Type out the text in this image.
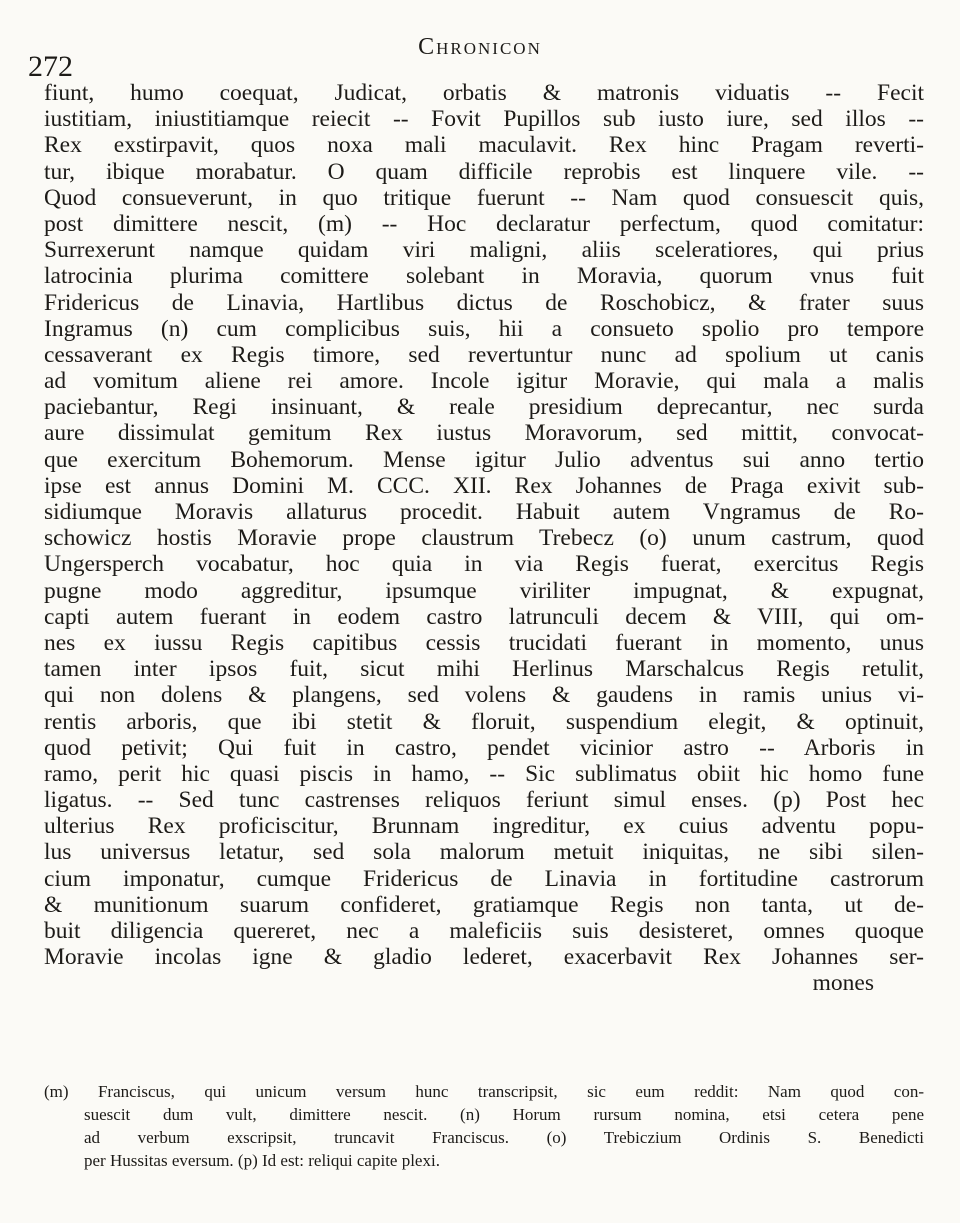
272
Chronicon
fiunt, humo coequat, Judicat, orbatis & matronis viduatis -- Fecit
iustitiam, iniustitiamque reiecit -- Fovit Pupillos sub iusto iure, sed illos --
Rex exstirpavit, quos noxa mali maculavit. Rex hinc Pragam reverti-
tur, ibique morabatur. O quam difficile reprobis est linquere vile. --
Quod consueverunt, in quo tritique fuerunt -- Nam quod consuescit quis,
post dimittere nescit, (m) -- Hoc declaratur perfectum, quod comitatur:
Surrexerunt namque quidam viri maligni, aliis sceleratiores, qui prius
latrocinia plurima comittere solebant in Moravia, quorum vnus fuit
Fridericus de Linavia, Hartlibus dictus de Roschobicz, & frater suus
Ingramus (n) cum complicibus suis, hii a consueto spolio pro tempore
cessaverant ex Regis timore, sed revertuntur nunc ad spolium ut canis
ad vomitum aliene rei amore. Incole igitur Moravie, qui mala a malis
paciebantur, Regi insinuant, & reale presidium deprecantur, nec surda
aure dissimulat gemitum Rex iustus Moravorum, sed mittit, convocat-
que exercitum Bohemorum. Mense igitur Julio adventus sui anno tertio
ipse est annus Domini M. CCC. XII. Rex Johannes de Praga exivit sub-
sidiumque Moravis allaturus procedit. Habuit autem Vngramus de Ro-
schowicz hostis Moravie prope claustrum Trebecz (o) unum castrum, quod
Ungersperch vocabatur, hoc quia in via Regis fuerat, exercitus Regis
pugne modo aggreditur, ipsumque viriliter impugnat, & expugnat,
capti autem fuerant in eodem castro latrunculi decem & VIII, qui om-
nes ex iussu Regis capitibus cessis trucidati fuerant in momento, unus
tamen inter ipsos fuit, sicut mihi Herlinus Marschalcus Regis retulit,
qui non dolens & plangens, sed volens & gaudens in ramis unius vi-
rentis arboris, que ibi stetit & floruit, suspendium elegit, & optinuit,
quod petivit; Qui fuit in castro, pendet vicinior astro -- Arboris in
ramo, perit hic quasi piscis in hamo, -- Sic sublimatus obiit hic homo fune
ligatus. -- Sed tunc castrenses reliquos feriunt simul enses. (p) Post hec
ulterius Rex proficiscitur, Brunnam ingreditur, ex cuius adventu popu-
lus universus letatur, sed sola malorum metuit iniquitas, ne sibi silen-
cium imponatur, cumque Fridericus de Linavia in fortitudine castrorum
& munitionum suarum confideret, gratiamque Regis non tanta, ut de-
buit diligencia quereret, nec a maleficiis suis desisteret, omnes quoque
Moravie incolas igne & gladio lederet, exacerbavit Rex Johannes ser-
mones
(m) Franciscus, qui unicum versum hunc transcripsit, sic eum reddit: Nam quod con-
suescit dum vult, dimittere nescit. (n) Horum rursum nomina, etsi cetera pene
ad verbum exscripsit, truncavit Franciscus. (o) Trebiczium Ordinis S. Benedicti
per Hussitas eversum. (p) Id est: reliqui capite plexi.
